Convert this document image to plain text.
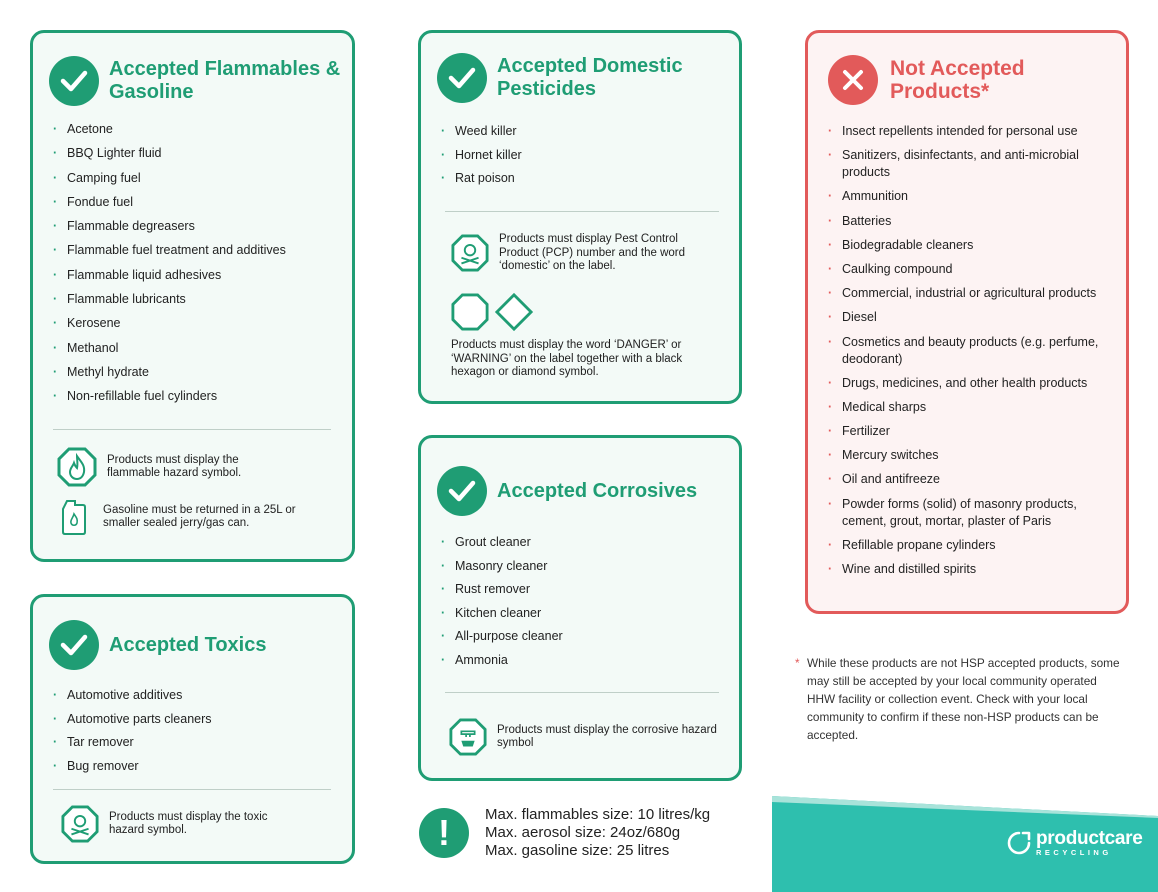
Accepted Flammables & Gasoline
· Acetone
· BBQ Lighter fluid
· Camping fuel
· Fondue fuel
· Flammable degreasers
· Flammable fuel treatment and additives
· Flammable liquid adhesives
· Flammable lubricants
· Kerosene
· Methanol
· Methyl hydrate
· Non-refillable fuel cylinders
Products must display the flammable hazard symbol.
Gasoline must be returned in a 25L or smaller sealed jerry/gas can.
Accepted Toxics
· Automotive additives
· Automotive parts cleaners
· Tar remover
· Bug remover
Products must display the toxic hazard symbol.
Accepted Domestic Pesticides
· Weed killer
· Hornet killer
· Rat poison
Products must display Pest Control Product (PCP) number and the word ‘domestic’ on the label.
Products must display the word ‘DANGER’ or ‘WARNING’ on the label together with a black hexagon or diamond symbol.
Accepted Corrosives
· Grout cleaner
· Masonry cleaner
· Rust remover
· Kitchen cleaner
· All-purpose cleaner
· Ammonia
Products must display the corrosive hazard symbol
Not Accepted Products*
· Insect repellents intended for personal use
· Sanitizers, disinfectants, and anti-microbial products
· Ammunition
· Batteries
· Biodegradable cleaners
· Caulking compound
· Commercial, industrial or agricultural products
· Diesel
· Cosmetics and beauty products (e.g. perfume, deodorant)
· Drugs, medicines, and other health products
· Medical sharps
· Fertilizer
· Mercury switches
· Oil and antifreeze
· Powder forms (solid) of masonry products, cement, grout, mortar, plaster of Paris
· Refillable propane cylinders
· Wine and distilled spirits
* While these products are not HSP accepted products, some may still be accepted by your local community operated HHW facility or collection event. Check with your local community to confirm if these non-HSP products can be accepted.
!	Max. flammables size: 10 litres/kg
Max. aerosol size: 24oz/680g
Max. gasoline size: 25 litres
productcare
RECYCLING
